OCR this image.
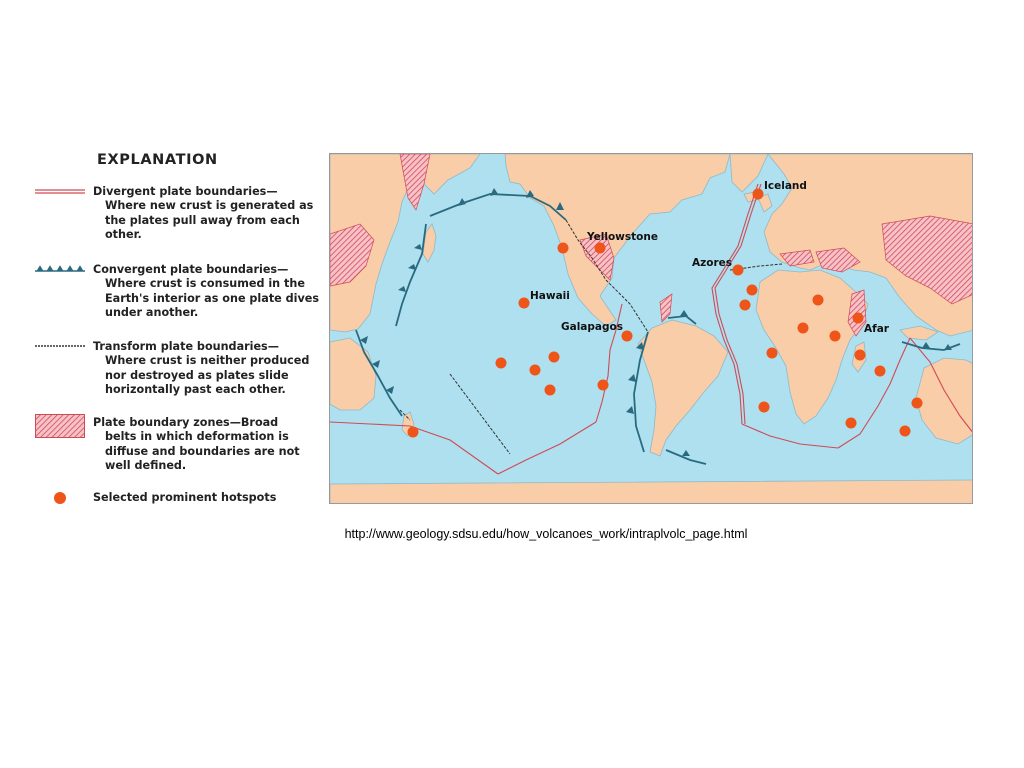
EXPLANATION

Divergent plate boundaries—
Where new crust is generated as the plates pull away from each other.

Convergent plate boundaries—
Where crust is consumed in the Earth's interior as one plate dives under another.

Transform plate boundaries—
Where crust is neither produced nor destroyed as plates slide horizontally past each other.

Plate boundary zones—Broad
belts in which deformation is diffuse and boundaries are not well defined.

Selected prominent hotspots

Iceland
Yellowstone
Azores
Hawaii
Galapagos	Afar

http://www.geology.sdsu.edu/how_volcanoes_work/intraplvolc_page.html
